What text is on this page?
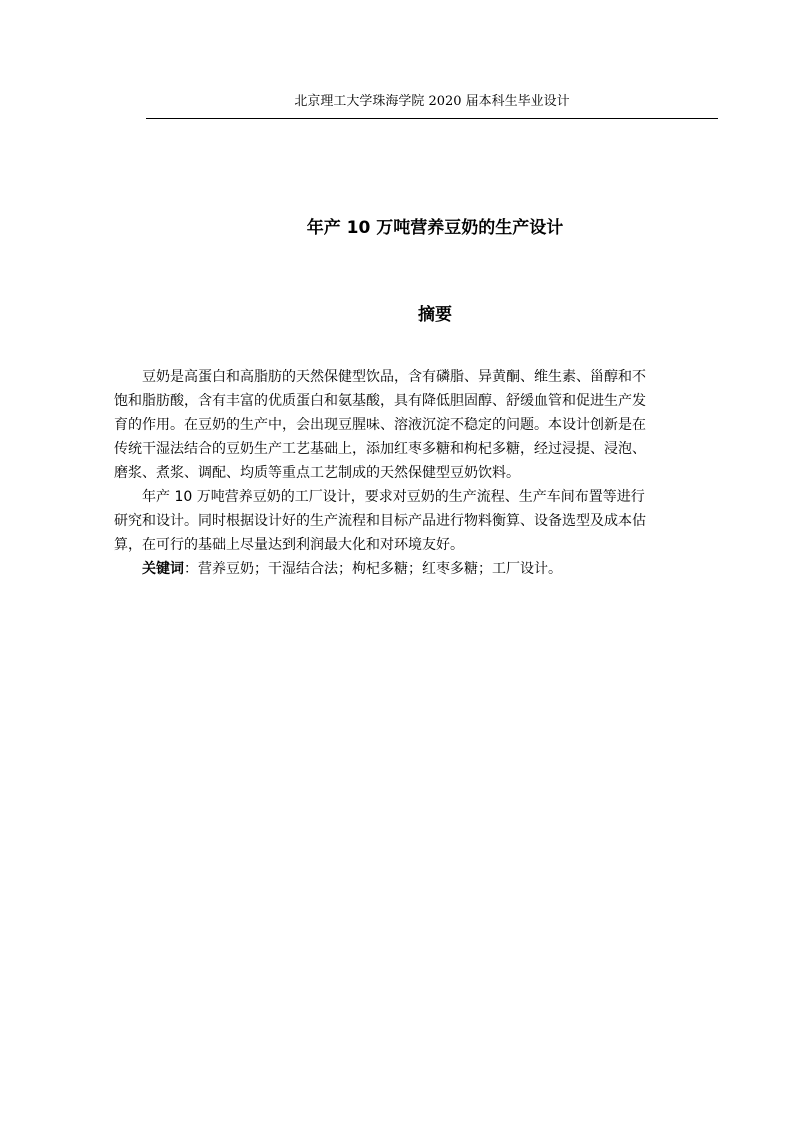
北京理工大学珠海学院 2020 届本科生毕业设计
年产 10 万吨营养豆奶的生产设计
摘要

豆奶是高蛋白和高脂肪的天然保健型饮品，含有磷脂、异黄酮、维生素、甾醇和不
饱和脂肪酸，含有丰富的优质蛋白和氨基酸，具有降低胆固醇、舒缓血管和促进生产发
育的作用。在豆奶的生产中，会出现豆腥味、溶液沉淀不稳定的问题。本设计创新是在
传统干湿法结合的豆奶生产工艺基础上，添加红枣多糖和枸杞多糖，经过浸提、浸泡、
磨浆、煮浆、调配、均质等重点工艺制成的天然保健型豆奶饮料。

年产 10 万吨营养豆奶的工厂设计，要求对豆奶的生产流程、生产车间布置等进行
研究和设计。同时根据设计好的生产流程和目标产品进行物料衡算、设备选型及成本估
算，在可行的基础上尽量达到利润最大化和对环境友好。

关键词：营养豆奶；干湿结合法；枸杞多糖；红枣多糖；工厂设计。
